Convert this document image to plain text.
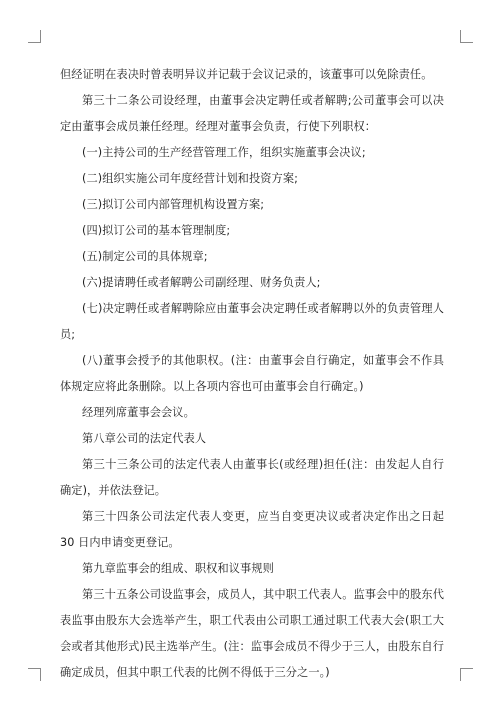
但经证明在表决时曾表明异议并记载于会议记录的，该董事可以免除责任。

第三十二条公司设经理，由董事会决定聘任或者解聘;公司董事会可以决定由董事会成员兼任经理。经理对董事会负责，行使下列职权：

(一)主持公司的生产经营管理工作，组织实施董事会决议;

(二)组织实施公司年度经营计划和投资方案;

(三)拟订公司内部管理机构设置方案;

(四)拟订公司的基本管理制度;

(五)制定公司的具体规章;

(六)提请聘任或者解聘公司副经理、财务负责人;

(七)决定聘任或者解聘除应由董事会决定聘任或者解聘以外的负责管理人员;

(八)董事会授予的其他职权。(注：由董事会自行确定，如董事会不作具体规定应将此条删除。以上各项内容也可由董事会自行确定。)

经理列席董事会会议。

第八章公司的法定代表人

第三十三条公司的法定代表人由董事长(或经理)担任(注：由发起人自行确定)，并依法登记。

第三十四条公司法定代表人变更，应当自变更决议或者决定作出之日起 30 日内申请变更登记。

第九章监事会的组成、职权和议事规则

第三十五条公司设监事会，成员人，其中职工代表人。监事会中的股东代表监事由股东大会选举产生，职工代表由公司职工通过职工代表大会(职工大会或者其他形式)民主选举产生。(注：监事会成员不得少于三人，由股东自行确定成员，但其中职工代表的比例不得低于三分之一。)
